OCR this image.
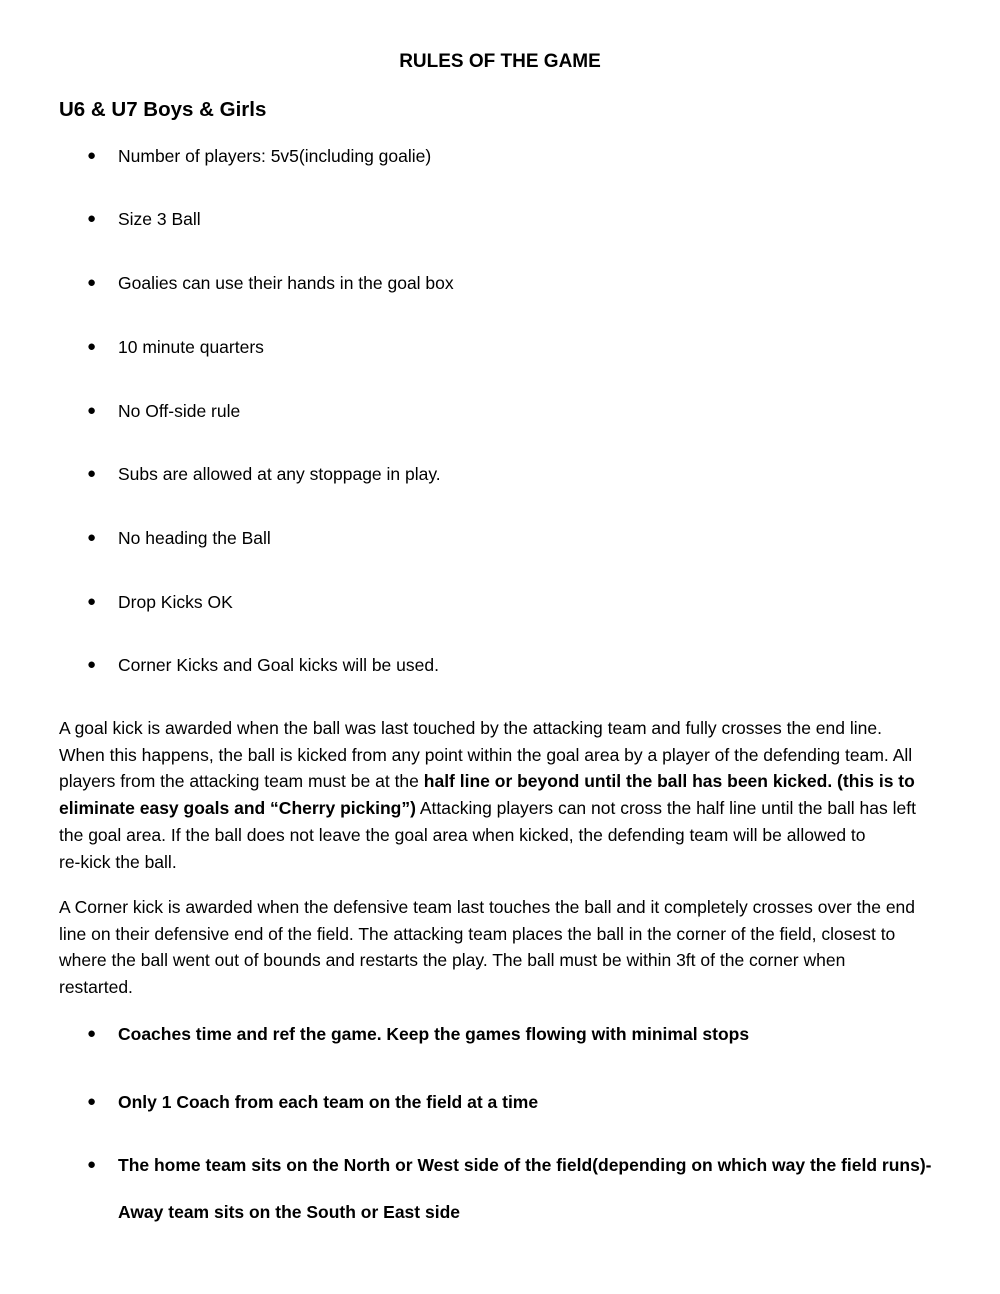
RULES OF THE GAME
U6 & U7 Boys & Girls
● Number of players: 5v5(including goalie)
● Size 3 Ball
● Goalies can use their hands in the goal box
● 10 minute quarters
● No Off-side rule
● Subs are allowed at any stoppage in play.
● No heading the Ball
● Drop Kicks OK
● Corner Kicks and Goal kicks will be used.
A goal kick is awarded when the ball was last touched by the attacking team and fully crosses the end line.
When this happens, the ball is kicked from any point within the goal area by a player of the defending team. All
players from the attacking team must be at the half line or beyond until the ball has been kicked. (this is to
eliminate easy goals and “Cherry picking”) Attacking players can not cross the half line until the ball has left
the goal area. If the ball does not leave the goal area when kicked, the defending team will be allowed to
re-kick the ball.
A Corner kick is awarded when the defensive team last touches the ball and it completely crosses over the end
line on their defensive end of the field. The attacking team places the ball in the corner of the field, closest to
where the ball went out of bounds and restarts the play. The ball must be within 3ft of the corner when
restarted.
● Coaches time and ref the game. Keep the games flowing with minimal stops
● Only 1 Coach from each team on the field at a time
● The home team sits on the North or West side of the field(depending on which way the field runs)-
Away team sits on the South or East side
